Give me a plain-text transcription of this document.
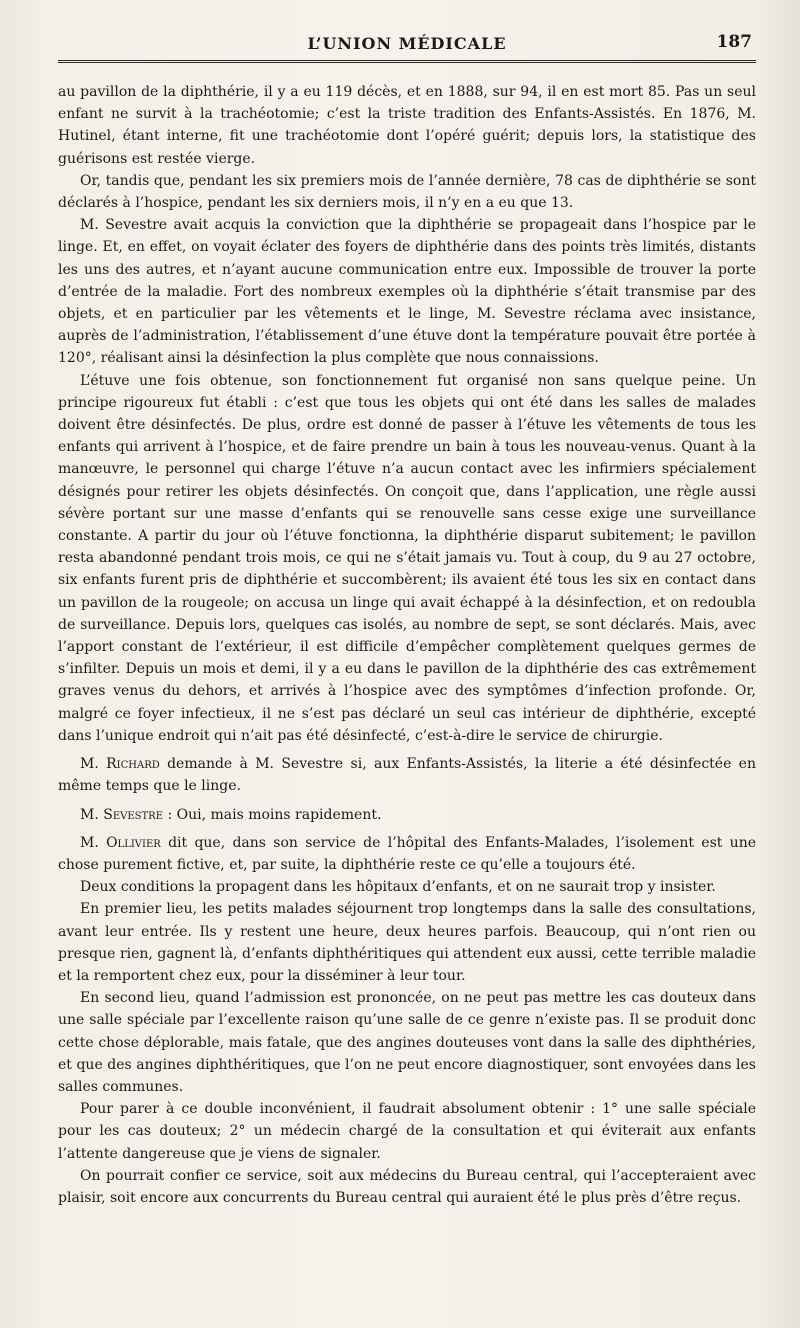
L’UNION MÉDICALE	187

au pavillon de la diphthérie, il y a eu 119 décès, et en 1888, sur 94, il en est mort 85. Pas un seul enfant ne survit à la trachéotomie; c’est la triste tradition des Enfants-Assistés. En 1876, M. Hutinel, étant interne, fit une trachéotomie dont l’opéré guérit; depuis lors, la statistique des guérisons est restée vierge.

Or, tandis que, pendant les six premiers mois de l’année dernière, 78 cas de diphthérie se sont déclarés à l’hospice, pendant les six derniers mois, il n’y en a eu que 13.

M. Sevestre avait acquis la conviction que la diphthérie se propageait dans l’hospice par le linge. Et, en effet, on voyait éclater des foyers de diphthérie dans des points très limités, distants les uns des autres, et n’ayant aucune communication entre eux. Impossible de trouver la porte d’entrée de la maladie. Fort des nombreux exemples où la diphthérie s’était transmise par des objets, et en particulier par les vêtements et le linge, M. Sevestre réclama avec insistance, auprès de l’administration, l’établissement d’une étuve dont la température pouvait être portée à 120°, réalisant ainsi la désinfection la plus complète que nous connaissions.

L’étuve une fois obtenue, son fonctionnement fut organisé non sans quelque peine. Un principe rigoureux fut établi : c’est que tous les objets qui ont été dans les salles de malades doivent être désinfectés. De plus, ordre est donné de passer à l’étuve les vêtements de tous les enfants qui arrivent à l’hospice, et de faire prendre un bain à tous les nouveau-venus. Quant à la manœuvre, le personnel qui charge l’étuve n’a aucun contact avec les infirmiers spécialement désignés pour retirer les objets désinfectés. On conçoit que, dans l’application, une règle aussi sévère portant sur une masse d’enfants qui se renouvelle sans cesse exige une surveillance constante. A partir du jour où l’étuve fonctionna, la diphthérie disparut subitement; le pavillon resta abandonné pendant trois mois, ce qui ne s’était jamais vu. Tout à coup, du 9 au 27 octobre, six enfants furent pris de diphthérie et succombèrent; ils avaient été tous les six en contact dans un pavillon de la rougeole; on accusa un linge qui avait échappé à la désinfection, et on redoubla de surveillance. Depuis lors, quelques cas isolés, au nombre de sept, se sont déclarés. Mais, avec l’apport constant de l’extérieur, il est difficile d’empêcher complètement quelques germes de s’infilter. Depuis un mois et demi, il y a eu dans le pavillon de la diphthérie des cas extrêmement graves venus du dehors, et arrivés à l’hospice avec des symptômes d’infection profonde. Or, malgré ce foyer infectieux, il ne s’est pas déclaré un seul cas intérieur de diphthérie, excepté dans l’unique endroit qui n’ait pas été désinfecté, c’est-à-dire le service de chirurgie.

M. Richard demande à M. Sevestre si, aux Enfants-Assistés, la literie a été désinfectée en même temps que le linge.

M. Sevestre : Oui, mais moins rapidement.

M. Ollivier dit que, dans son service de l’hôpital des Enfants-Malades, l’isolement est une chose purement fictive, et, par suite, la diphthérie reste ce qu’elle a toujours été.

Deux conditions la propagent dans les hôpitaux d’enfants, et on ne saurait trop y insister.

En premier lieu, les petits malades séjournent trop longtemps dans la salle des consultations, avant leur entrée. Ils y restent une heure, deux heures parfois. Beaucoup, qui n’ont rien ou presque rien, gagnent là, d’enfants diphthéritiques qui attendent eux aussi, cette terrible maladie et la remportent chez eux, pour la disséminer à leur tour.

En second lieu, quand l’admission est prononcée, on ne peut pas mettre les cas douteux dans une salle spéciale par l’excellente raison qu’une salle de ce genre n’existe pas. Il se produit donc cette chose déplorable, mais fatale, que des angines douteuses vont dans la salle des diphthéries, et que des angines diphthéritiques, que l’on ne peut encore diagnostiquer, sont envoyées dans les salles communes.

Pour parer à ce double inconvénient, il faudrait absolument obtenir : 1° une salle spéciale pour les cas douteux; 2° un médecin chargé de la consultation et qui éviterait aux enfants l’attente dangereuse que je viens de signaler.

On pourrait confier ce service, soit aux médecins du Bureau central, qui l’accepteraient avec plaisir, soit encore aux concurrents du Bureau central qui auraient été le plus près d’être reçus.
